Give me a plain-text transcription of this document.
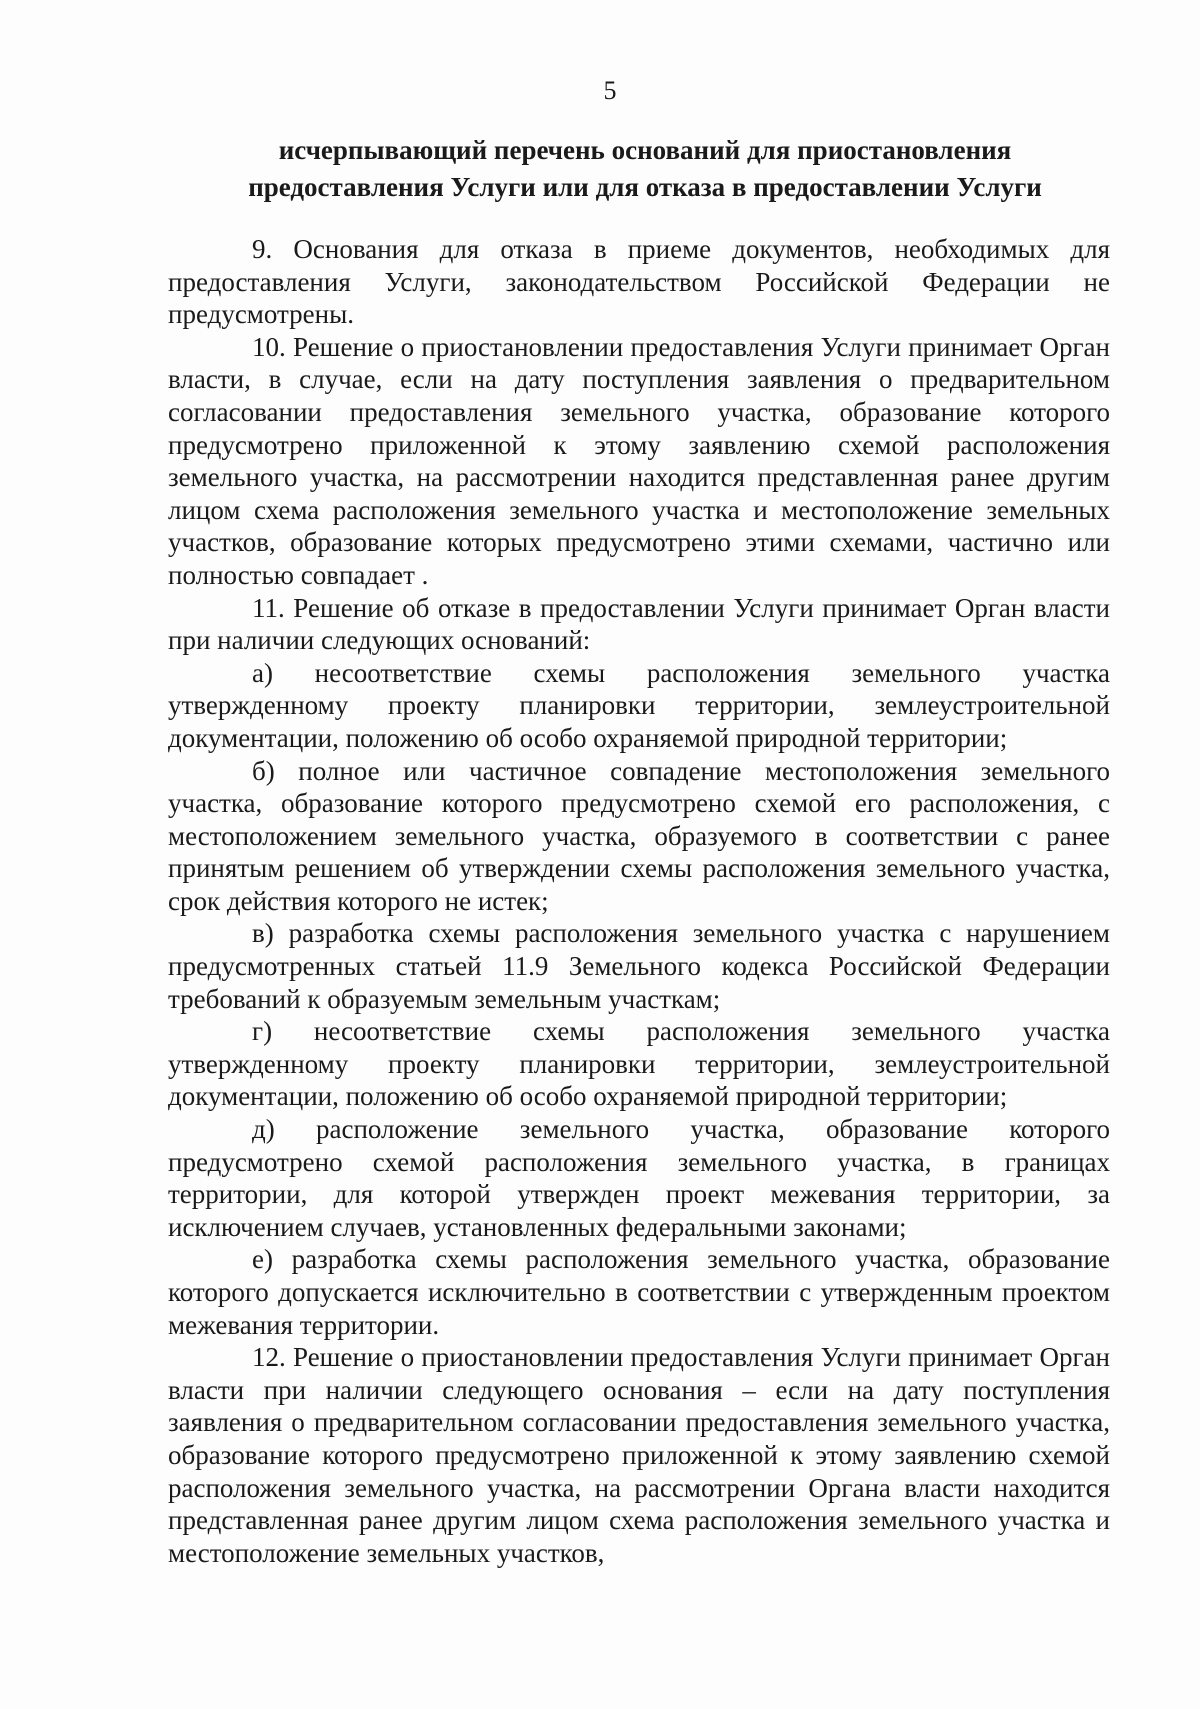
5
исчерпывающий перечень оснований для приостановления
предоставления Услуги или для отказа в предоставлении Услуги

9. Основания для отказа в приеме документов, необходимых для предоставления Услуги, законодательством Российской Федерации не предусмотрены.

10. Решение о приостановлении предоставления Услуги принимает Орган власти, в случае, если на дату поступления заявления о предварительном согласовании предоставления земельного участка, образование которого предусмотрено приложенной к этому заявлению схемой расположения земельного участка, на рассмотрении находится представленная ранее другим лицом схема расположения земельного участка и местоположение земельных участков, образование которых предусмотрено этими схемами, частично или полностью совпадает .

11. Решение об отказе в предоставлении Услуги принимает Орган власти при наличии следующих оснований:

а) несоответствие схемы расположения земельного участка утвержденному проекту планировки территории, землеустроительной документации, положению об особо охраняемой природной территории;

б) полное или частичное совпадение местоположения земельного участка, образование которого предусмотрено схемой его расположения, с местоположением земельного участка, образуемого в соответствии с ранее принятым решением об утверждении схемы расположения земельного участка, срок действия которого не истек;

в) разработка схемы расположения земельного участка с нарушением предусмотренных статьей 11.9 Земельного кодекса Российской Федерации требований к образуемым земельным участкам;

г) несоответствие схемы расположения земельного участка утвержденному проекту планировки территории, землеустроительной документации, положению об особо охраняемой природной территории;

д) расположение земельного участка, образование которого предусмотрено схемой расположения земельного участка, в границах территории, для которой утвержден проект межевания территории, за исключением случаев, установленных федеральными законами;

е) разработка схемы расположения земельного участка, образование которого допускается исключительно в соответствии с утвержденным проектом межевания территории.

12. Решение о приостановлении предоставления Услуги принимает Орган власти при наличии следующего основания – если на дату поступления заявления о предварительном согласовании предоставления земельного участка, образование которого предусмотрено приложенной к этому заявлению схемой расположения земельного участка, на рассмотрении Органа власти находится представленная ранее другим лицом схема расположения земельного участка и местоположение земельных участков,
